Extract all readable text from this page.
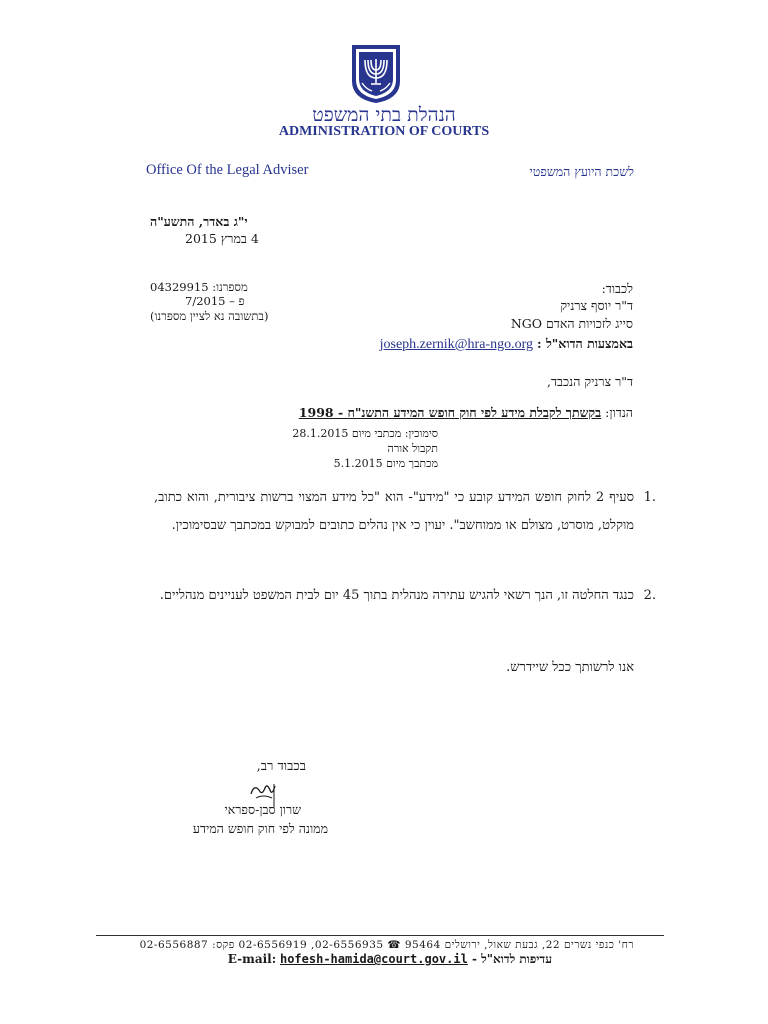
הנהלת בתי המשפט
ADMINISTRATION OF COURTS
Office Of the Legal Adviser	לשכת היועץ המשפטי
י"ג באדר, התשע"ה
4 במרץ 2015
מספרנו: 04329915
פ – 7/2015
(בתשובה נא לציין מספרנו)
לכבוד:
ד"ר יוסף צרניק
סייג לזכויות האדם NGO
באמצעות הדוא"ל : joseph.zernik@hra-ngo.org
ד"ר צרניק הנכבד,
הנדון: בקשתך לקבלת מידע לפי חוק חופש המידע התשנ"ח - 1998
סימוכין: מכתבי מיום 28.1.2015
תקבול אורה
מכתבך מיום 5.1.2015
.1
סעיף 2 לחוק חופש המידע קובע כי "מידע"- הוא "כל מידע המצוי ברשות ציבורית, והוא כתוב, מוקלט, מוסרט, מצולם או ממוחשב". יעוין כי אין נהלים כתובים למבוקש במכתבך שבסימוכין.
.2
כנגד החלטה זו, הנך רשאי להגיש עתירה מנהלית בתוך 45 יום לבית המשפט לעניינים מנהליים.
אנו לרשותך ככל שיידרש.
בכבוד רב,
שרון סבן-ספראי
ממונה לפי חוק חופש המידע
רח' כנפי נשרים 22, גבעת שאול, ירושלים 95464 ☎ 02-6556935, 02-6556919 פקס: 02-6556887
עדיפות לדוא"ל - E-mail: hofesh-hamida@court.gov.il
